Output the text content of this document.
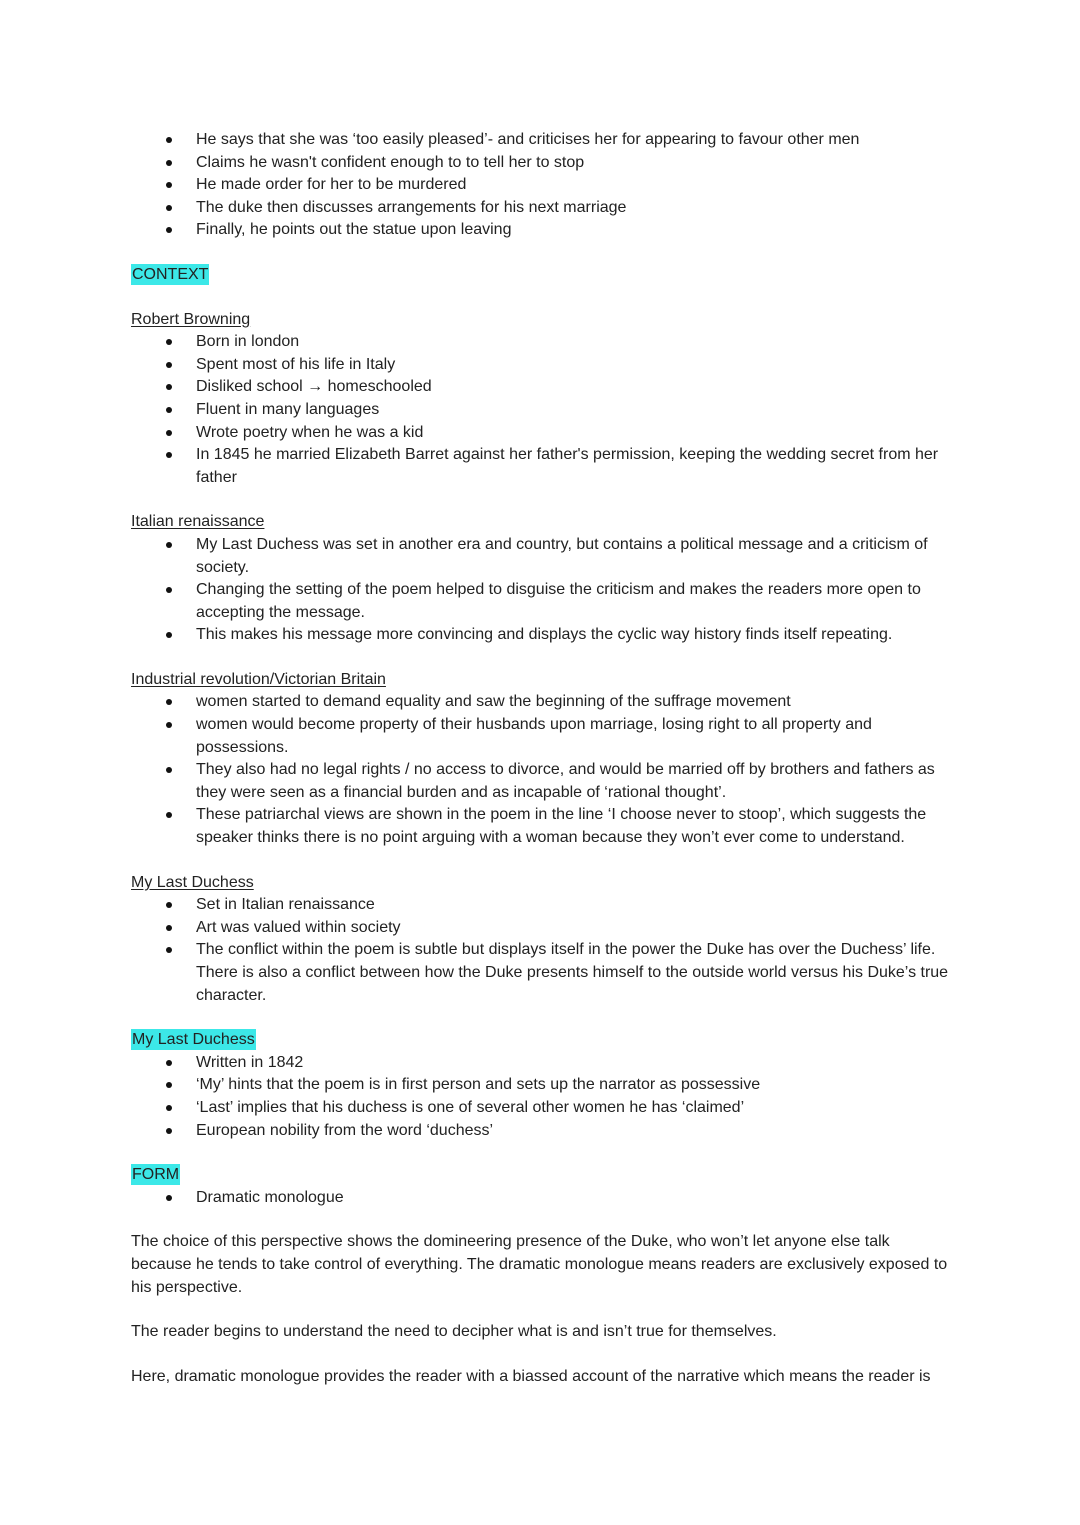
He says that she was ‘too easily pleased’- and criticises her for appearing to favour other men
Claims he wasn't confident enough to to tell her to stop
He made order for her to be murdered
The duke then discusses arrangements for his next marriage
Finally, he points out the statue upon leaving
CONTEXT
Robert Browning
Born in london
Spent most of his life in Italy
Disliked school → homeschooled
Fluent in many languages
Wrote poetry when he was a kid
In 1845 he married Elizabeth Barret against her father's permission, keeping the wedding secret from her father
Italian renaissance
My Last Duchess was set in another era and country, but contains a political message and a criticism of society.
Changing the setting of the poem helped to disguise the criticism and makes the readers more open to accepting the message.
This makes his message more convincing and displays the cyclic way history finds itself repeating.
Industrial revolution/Victorian Britain
women started to demand equality and saw the beginning of the suffrage movement
women would become property of their husbands upon marriage, losing right to all property and possessions.
They also had no legal rights / no access to divorce, and would be married off by brothers and fathers as they were seen as a financial burden and as incapable of ‘rational thought’.
These patriarchal views are shown in the poem in the line ‘I choose never to stoop’, which suggests the speaker thinks there is no point arguing with a woman because they won’t ever come to understand.
My Last Duchess
Set in Italian renaissance
Art was valued within society
The conflict within the poem is subtle but displays itself in the power the Duke has over the Duchess’ life. There is also a conflict between how the Duke presents himself to the outside world versus his Duke’s true character.
My Last Duchess
Written in 1842
‘My’ hints that the poem is in first person and sets up the narrator as possessive
‘Last’ implies that his duchess is one of several other women he has ‘claimed’
European nobility from the word ‘duchess’
FORM
Dramatic monologue

The choice of this perspective shows the domineering presence of the Duke, who won’t let anyone else talk because he tends to take control of everything. The dramatic monologue means readers are exclusively exposed to his perspective.

The reader begins to understand the need to decipher what is and isn’t true for themselves.

Here, dramatic monologue provides the reader with a biassed account of the narrative which means the reader is
